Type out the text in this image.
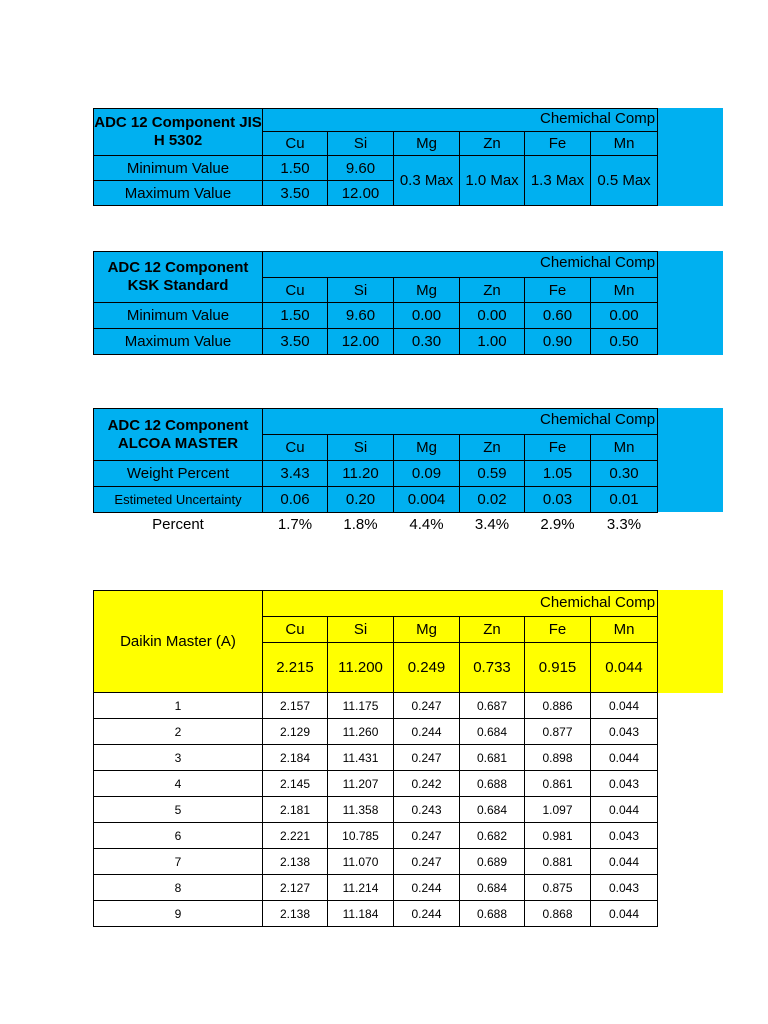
ADC 12 Component JIS
H 5302
Chemichal Comp
Cu	Si	Mg	Zn	Fe	Mn
Minimum Value	1.50	9.60
Maximum Value	3.50	12.00
0.3 Max 1.0 Max 1.3 Max 0.5 Max
ADC 12 Component
KSK Standard
Chemichal Comp
Cu	Si	Mg	Zn	Fe	Mn
Minimum Value	1.50	9.60	0.00	0.00	0.60	0.00
Maximum Value	3.50	12.00	0.30	1.00	0.90	0.50
ADC 12 Component
ALCOA MASTER
Chemichal Comp
Cu	Si	Mg	Zn	Fe	Mn
Weight Percent	3.43	11.20	0.09	0.59	1.05	0.30
Estimeted Uncertainty	0.06	0.20	0.004	0.02	0.03	0.01
Percent	1.7%	1.8%	4.4%	3.4%	2.9%	3.3%
Daikin Master (A)
Chemichal Comp
Cu	Si	Mg	Zn	Fe	Mn
2.215	11.200	0.249	0.733	0.915	0.044
1	2.157	11.175	0.247	0.687	0.886	0.044
2	2.129	11.260	0.244	0.684	0.877	0.043
3	2.184	11.431	0.247	0.681	0.898	0.044
4	2.145	11.207	0.242	0.688	0.861	0.043
5	2.181	11.358	0.243	0.684	1.097	0.044
6	2.221	10.785	0.247	0.682	0.981	0.043
7	2.138	11.070	0.247	0.689	0.881	0.044
8	2.127	11.214	0.244	0.684	0.875	0.043
9	2.138	11.184	0.244	0.688	0.868	0.044
